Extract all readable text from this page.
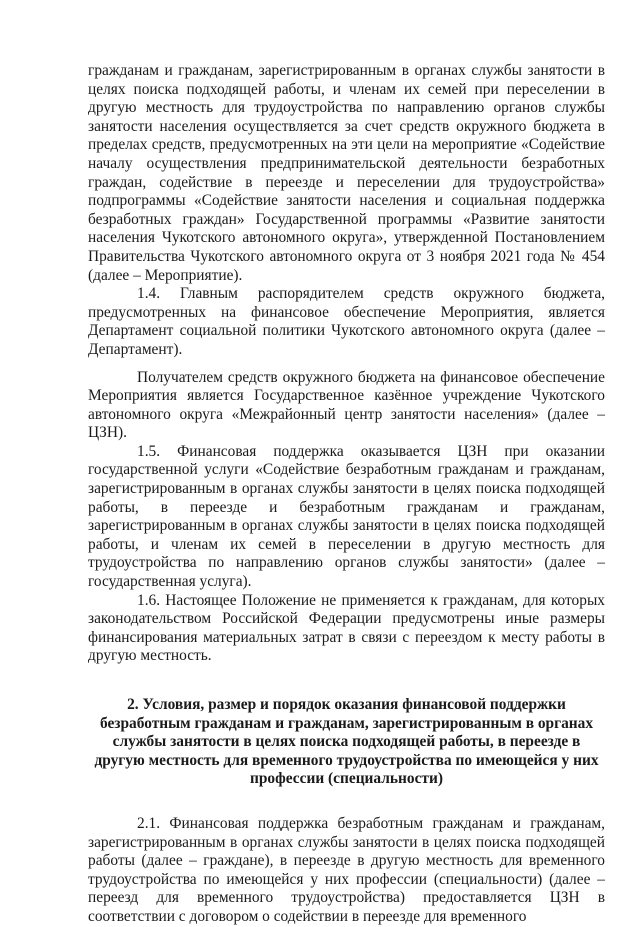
гражданам и гражданам, зарегистрированным в органах службы занятости в целях поиска подходящей работы, и членам их семей при переселении в другую местность для трудоустройства по направлению органов службы занятости населения осуществляется за счет средств окружного бюджета в пределах средств, предусмотренных на эти цели на мероприятие «Содействие началу осуществления предпринимательской деятельности безработных граждан, содействие в переезде и переселении для трудоустройства» подпрограммы «Содействие занятости населения и социальная поддержка безработных граждан» Государственной программы «Развитие занятости населения Чукотского автономного округа», утвержденной Постановлением Правительства Чукотского автономного округа от 3 ноября 2021 года № 454 (далее – Мероприятие).

1.4. Главным распорядителем средств окружного бюджета, предусмотренных на финансовое обеспечение Мероприятия, является Департамент социальной политики Чукотского автономного округа (далее – Департамент).

Получателем средств окружного бюджета на финансовое обеспечение Мероприятия является Государственное казённое учреждение Чукотского автономного округа «Межрайонный центр занятости населения» (далее – ЦЗН).

1.5. Финансовая поддержка оказывается ЦЗН при оказании государственной услуги «Содействие безработным гражданам и гражданам, зарегистрированным в органах службы занятости в целях поиска подходящей работы, в переезде и безработным гражданам и гражданам, зарегистрированным в органах службы занятости в целях поиска подходящей работы, и членам их семей в переселении в другую местность для трудоустройства по направлению органов службы занятости» (далее – государственная услуга).

1.6. Настоящее Положение не применяется к гражданам, для которых законодательством Российской Федерации предусмотрены иные размеры финансирования материальных затрат в связи с переездом к месту работы в другую местность.

2. Условия, размер и порядок оказания финансовой поддержки безработным гражданам и гражданам, зарегистрированным в органах службы занятости в целях поиска подходящей работы, в переезде в другую местность для временного трудоустройства по имеющейся у них профессии (специальности)

2.1. Финансовая поддержка безработным гражданам и гражданам, зарегистрированным в органах службы занятости в целях поиска подходящей работы (далее – граждане), в переезде в другую местность для временного трудоустройства по имеющейся у них профессии (специальности) (далее – переезд для временного трудоустройства) предоставляется ЦЗН в соответствии с договором о содействии в переезде для временного
